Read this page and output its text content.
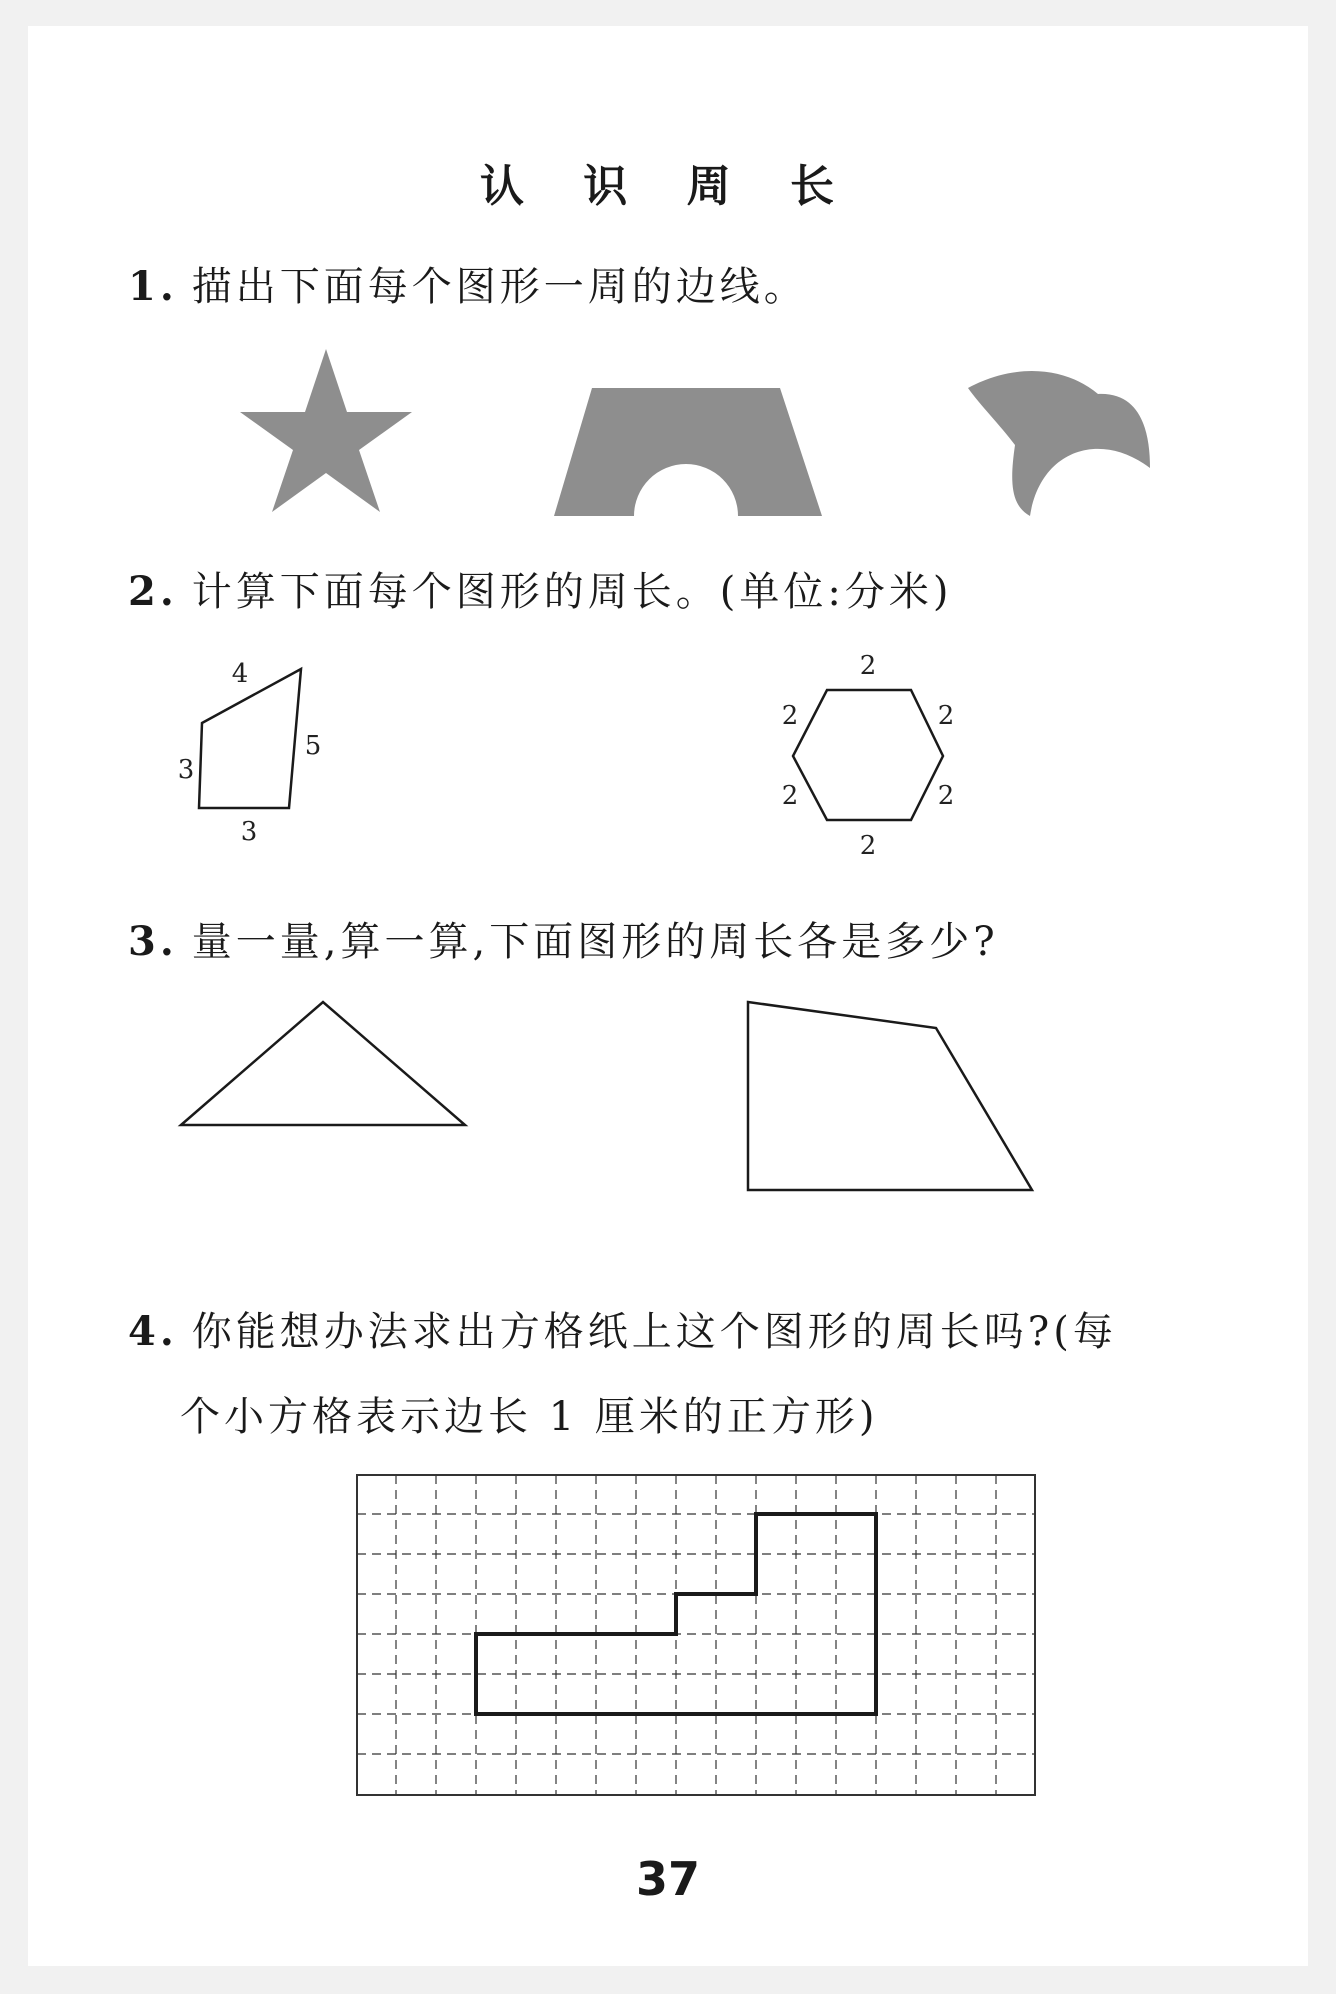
认 识 周 长
1. 描出下面每个图形一周的边线。
2. 计算下面每个图形的周长。(单位:分米)
4
3
5
3
2
2	2
2	2
2
3. 量一量,算一算,下面图形的周长各是多少?
4. 你能想办法求出方格纸上这个图形的周长吗?(每
个小方格表示边长 1 厘米的正方形)
37
